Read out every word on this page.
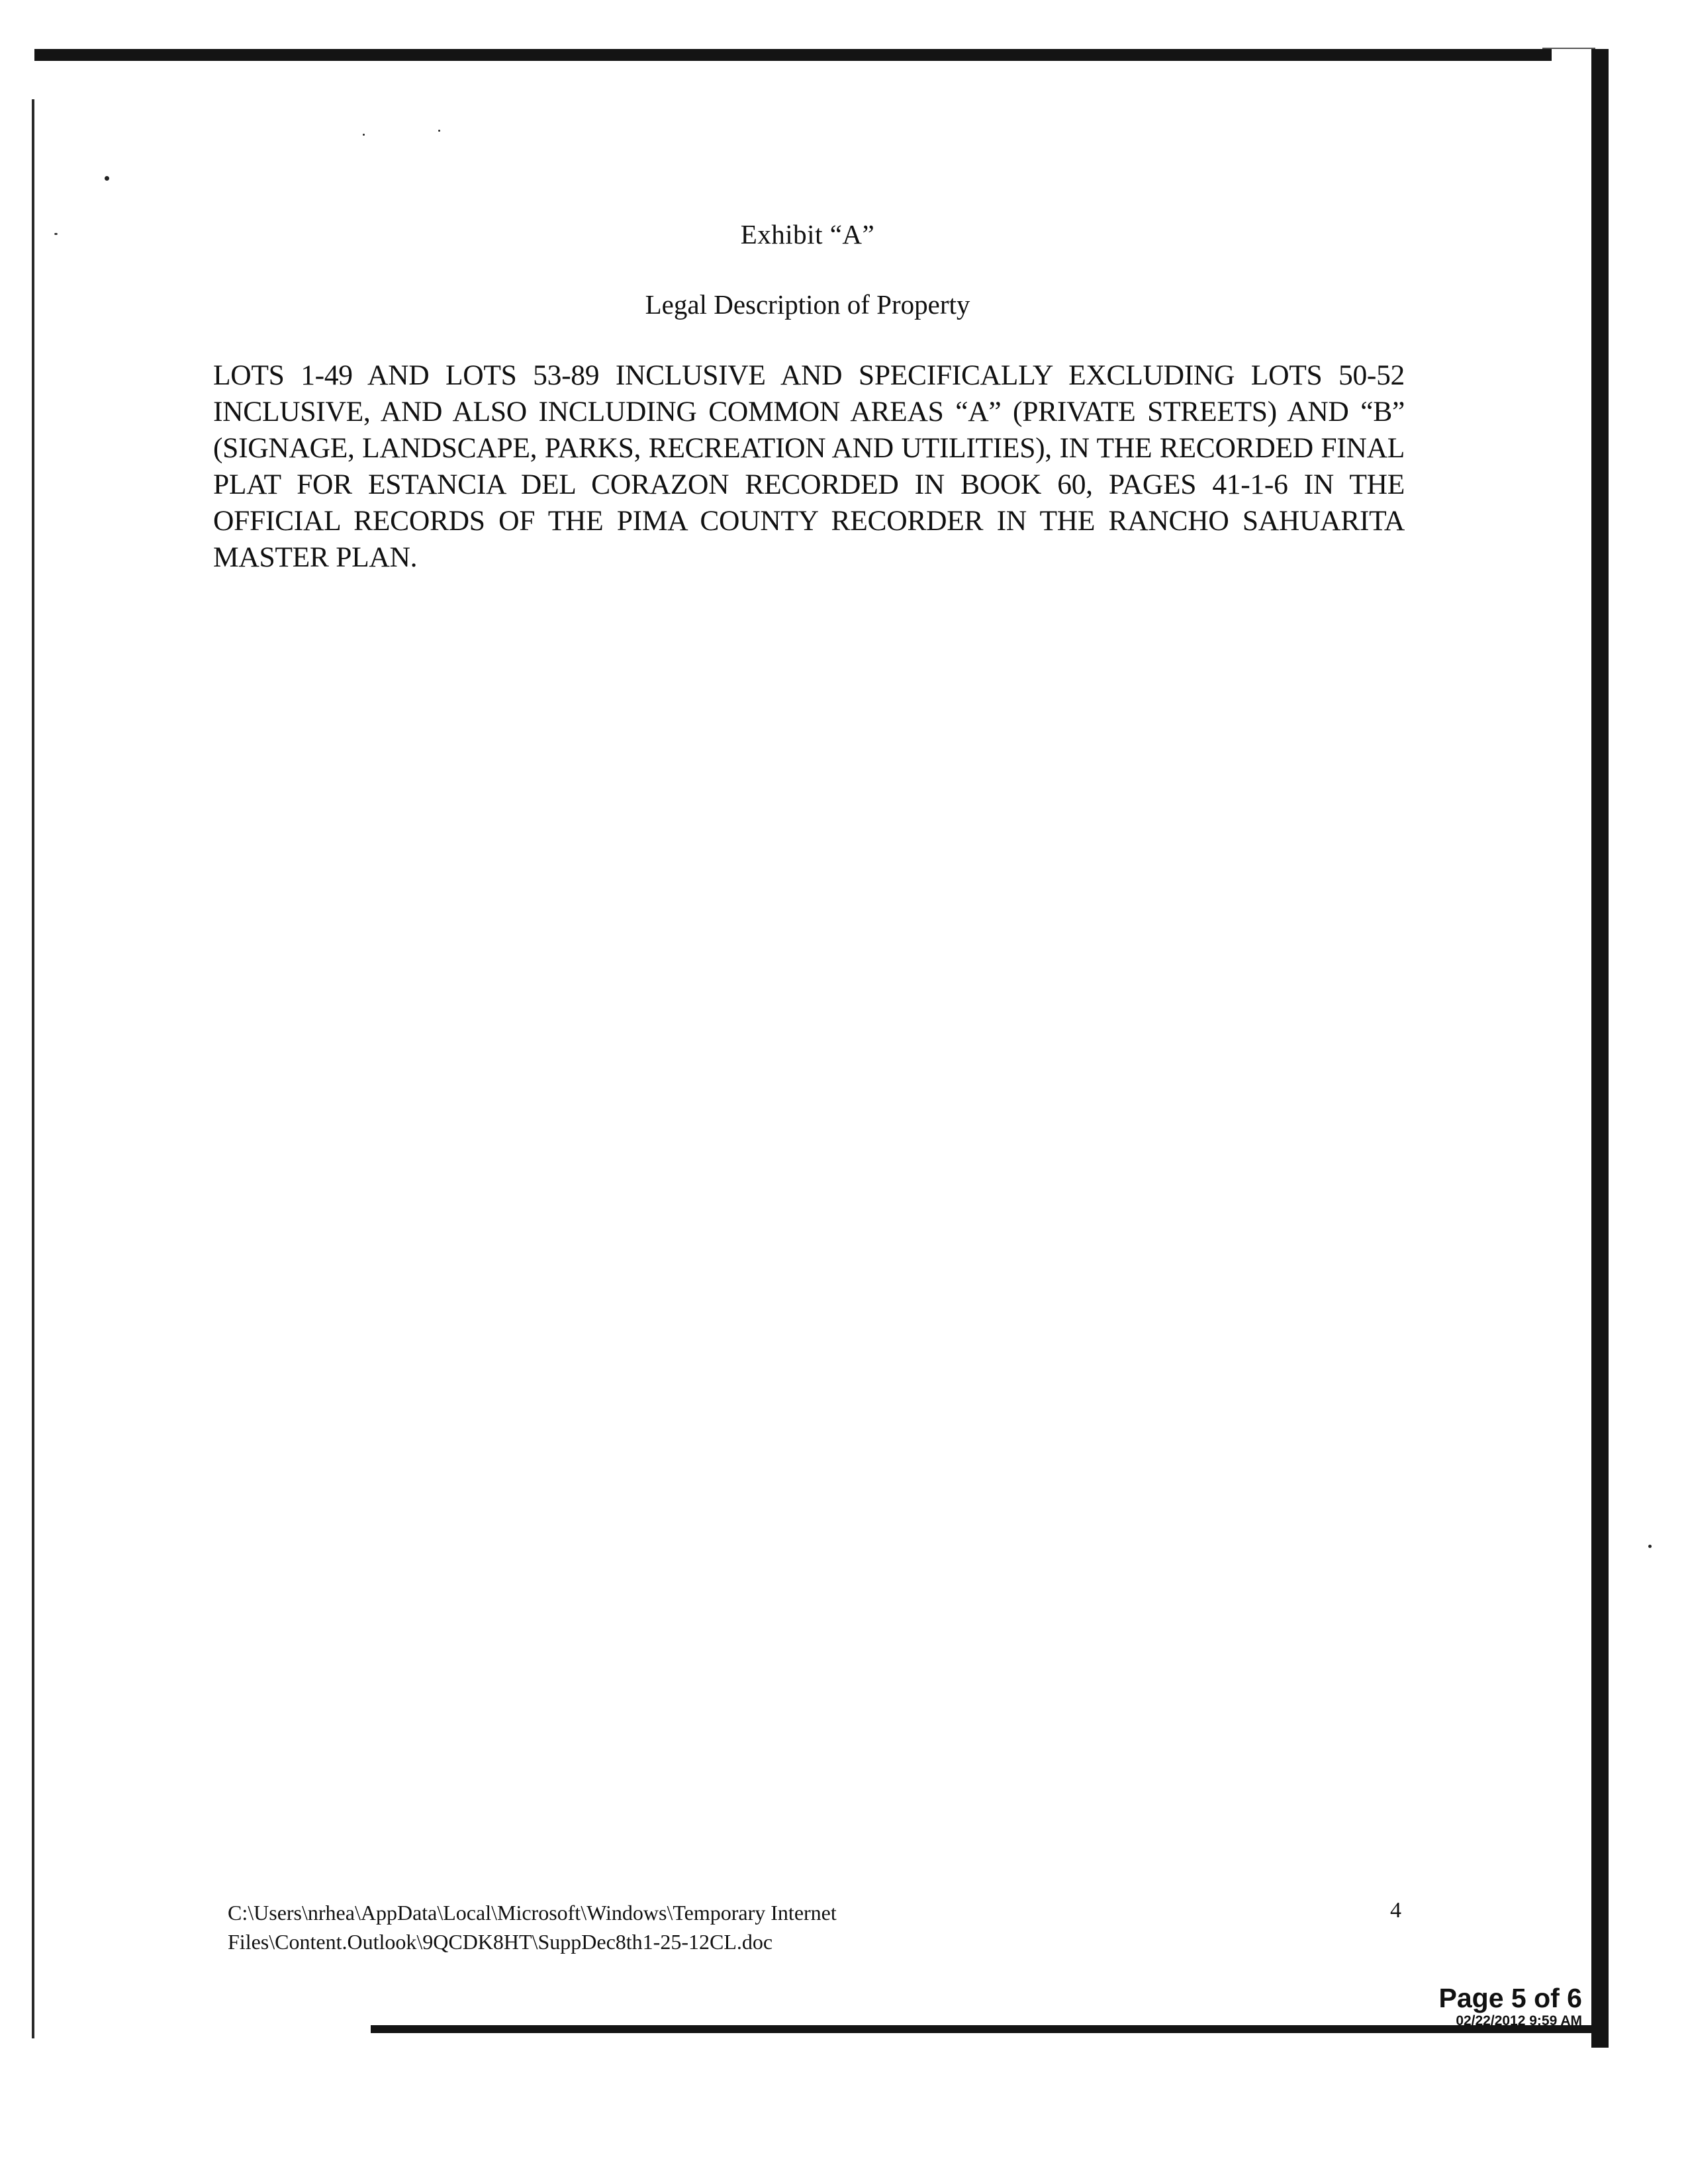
Exhibit “A”
Legal Description of Property
LOTS 1-49 AND LOTS 53-89 INCLUSIVE AND SPECIFICALLY EXCLUDING LOTS 50-52 INCLUSIVE, AND ALSO INCLUDING COMMON AREAS “A” (PRIVATE STREETS) AND “B” (SIGNAGE, LANDSCAPE, PARKS, RECREATION AND UTILITIES), IN THE RECORDED FINAL PLAT FOR ESTANCIA DEL CORAZON RECORDED IN BOOK 60, PAGES 41-1-6 IN THE OFFICIAL RECORDS OF THE PIMA COUNTY RECORDER IN THE RANCHO SAHUARITA MASTER PLAN.
C:\Users\nrhea\AppData\Local\Microsoft\Windows\Temporary Internet
Files\Content.Outlook\9QCDK8HT\SuppDec8th1-25-12CL.doc
4
Page 5 of 6
02/22/2012 9:59 AM
